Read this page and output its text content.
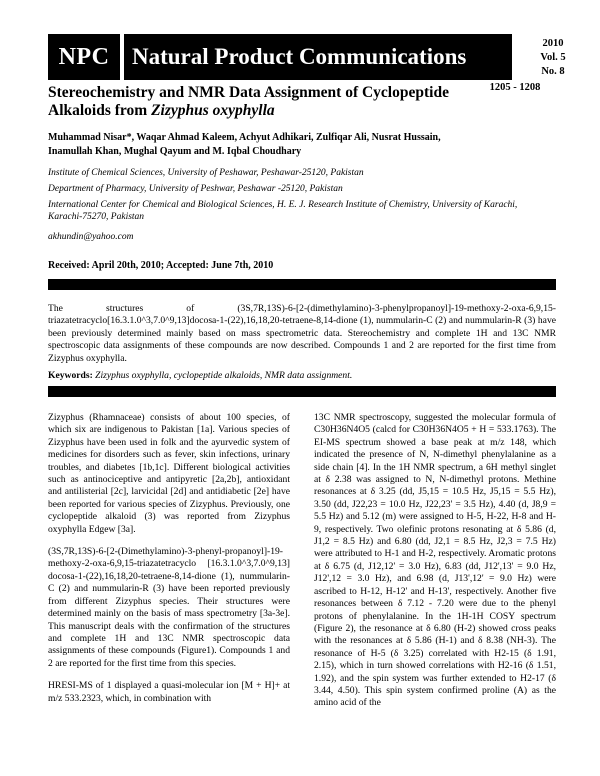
NPC Natural Product Communications
2010
Vol. 5
No. 8
1205 - 1208
Stereochemistry and NMR Data Assignment of Cyclopeptide Alkaloids from Zizyphus oxyphylla
Muhammad Nisar*, Waqar Ahmad Kaleem, Achyut Adhikari, Zulfiqar Ali, Nusrat Hussain,
Inamullah Khan, Mughal Qayum and M. Iqbal Choudhary
Institute of Chemical Sciences, University of Peshawar, Peshawar-25120, Pakistan
Department of Pharmacy, University of Peshwar, Peshawar -25120, Pakistan
International Center for Chemical and Biological Sciences, H. E. J. Research Institute of Chemistry, University of Karachi, Karachi-75270, Pakistan
akhundin@yahoo.com
Received: April 20th, 2010; Accepted: June 7th, 2010
The structures of (3S,7R,13S)-6-[2-(dimethylamino)-3-phenylpropanoyl]-19-methoxy-2-oxa-6,9,15-triazatetracyclo[16.3.1.0^3,7.0^9,13]docosa-1-(22),16,18,20-tetraene-8,14-dione (1), nummularin-C (2) and nummularin-R (3) have been previously determined mainly based on mass spectrometric data. Stereochemistry and complete 1H and 13C NMR spectroscopic data assignments of these compounds are now described. Compounds 1 and 2 are reported for the first time from Zizyphus oxyphylla.
Keywords: Zizyphus oxyphylla, cyclopeptide alkaloids, NMR data assignment.

Zizyphus (Rhamnaceae) consists of about 100 species, of which six are indigenous to Pakistan [1a]. Various species of Zizyphus have been used in folk and the ayurvedic system of medicines for disorders such as fever, skin infections, urinary troubles, and diabetes [1b,1c]. Different biological activities such as antinociceptive and antipyretic [2a,2b], antioxidant and antilisterial [2c], larvicidal [2d] and antidiabetic [2e] have been reported for various species of Zizyphus. Previously, one cyclopeptide alkaloid (3) was reported from Zizyphus oxyphylla Edgew [3a].

(3S,7R,13S)-6-[2-(Dimethylamino)-3-phenyl-propanoyl]-19-methoxy-2-oxa-6,9,15-triazatetracyclo [16.3.1.0^3,7.0^9,13] docosa-1-(22),16,18,20-tetraene-8,14-dione (1), nummularin-C (2) and nummularin-R (3) have been reported previously from different Zizyphus species. Their structures were determined mainly on the basis of mass spectrometry [3a-3e]. This manuscript deals with the confirmation of the structures and complete 1H and 13C NMR spectroscopic data assignments of these compounds (Figure1). Compounds 1 and 2 are reported for the first time from this species.

HRESI-MS of 1 displayed a quasi-molecular ion [M + H]+ at m/z 533.2323, which, in combination with

13C NMR spectroscopy, suggested the molecular formula of C30H36N4O5 (calcd for C30H36N4O5 + H = 533.1763). The EI-MS spectrum showed a base peak at m/z 148, which indicated the presence of N, N-dimethyl phenylalanine as a side chain [4]. In the 1H NMR spectrum, a 6H methyl singlet at δ 2.38 was assigned to N, N-dimethyl protons. Methine resonances at δ 3.25 (dd, J5,15 = 10.5 Hz, J5,15 = 5.5 Hz), 3.50 (dd, J22,23 = 10.0 Hz, J22,23' = 3.5 Hz), 4.40 (d, J8,9 = 5.5 Hz) and 5.12 (m) were assigned to H-5, H-22, H-8 and H-9, respectively. Two olefinic protons resonating at δ 5.86 (d, J1,2 = 8.5 Hz) and 6.80 (dd, J2,1 = 8.5 Hz, J2,3 = 7.5 Hz) were attributed to H-1 and H-2, respectively. Aromatic protons at δ 6.75 (d, J12,12' = 3.0 Hz), 6.83 (dd, J12',13' = 9.0 Hz, J12',12 = 3.0 Hz), and 6.98 (d, J13',12' = 9.0 Hz) were ascribed to H-12, H-12' and H-13', respectively. Another five resonances between δ 7.12 - 7.20 were due to the phenyl protons of phenylalanine. In the 1H-1H COSY spectrum (Figure 2), the resonance at δ 6.80 (H-2) showed cross peaks with the resonances at δ 5.86 (H-1) and δ 8.38 (NH-3). The resonance of H-5 (δ 3.25) correlated with H2-15 (δ 1.91, 2.15), which in turn showed correlations with H2-16 (δ 1.51, 1.92), and the spin system was further extended to H2-17 (δ 3.44, 4.50). This spin system confirmed proline (A) as the amino acid of the
